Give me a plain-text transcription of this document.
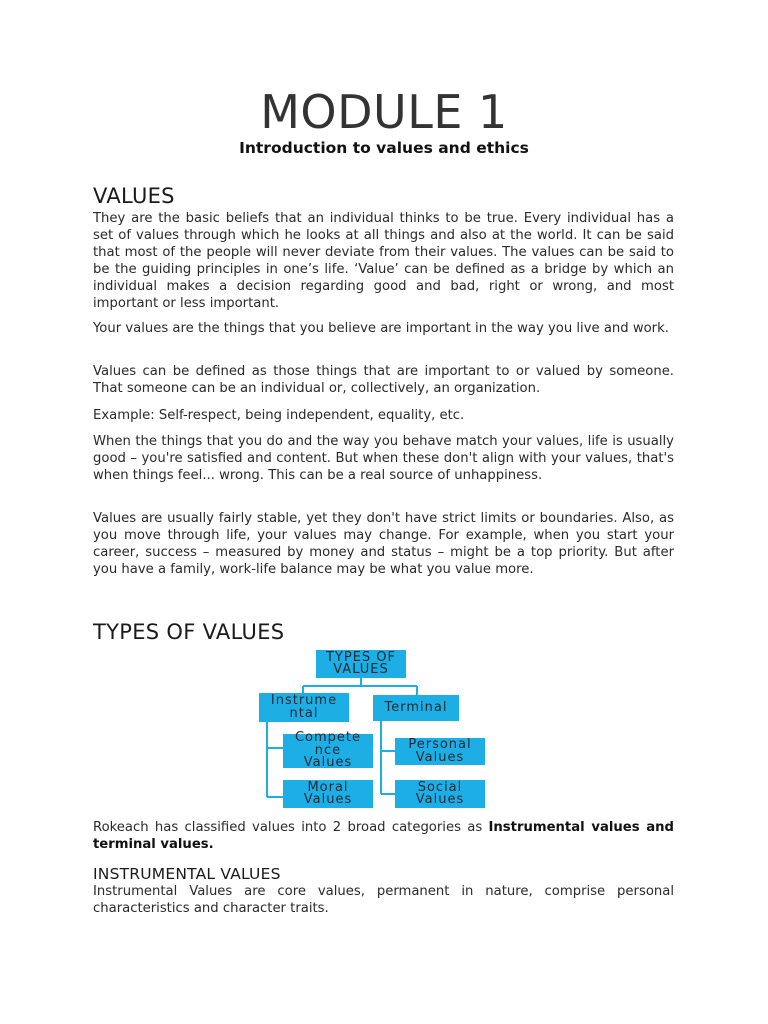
MODULE 1
Introduction to values and ethics
VALUES

They are the basic beliefs that an individual thinks to be true. Every individual has a set of values through which he looks at all things and also at the world. It can be said that most of the people will never deviate from their values. The values can be said to be the guiding principles in one’s life. ‘Value’ can be defined as a bridge by which an individual makes a decision regarding good and bad, right or wrong, and most important or less important.

Your values are the things that you believe are important in the way you live and work.

Values can be defined as those things that are important to or valued by someone. That someone can be an individual or, collectively, an organization.

Example: Self-respect, being independent, equality, etc.

When the things that you do and the way you behave match your values, life is usually good – you're satisfied and content. But when these don't align with your values, that's when things feel... wrong. This can be a real source of unhappiness.

Values are usually fairly stable, yet they don't have strict limits or boundaries. Also, as you move through life, your values may change. For example, when you start your career, success – measured by money and status – might be a top priority. But after you have a family, work-life balance may be what you value more.

TYPES OF VALUES
TYPES OF
VALUES
Instrume
ntal	Terminal
Compete
nce
Values
Moral
Values
Personal
Values
Social
Values

Rokeach has classified values into 2 broad categories as Instrumental values and terminal values.

INSTRUMENTAL VALUES

Instrumental Values are core values, permanent in nature, comprise personal characteristics and character traits.
